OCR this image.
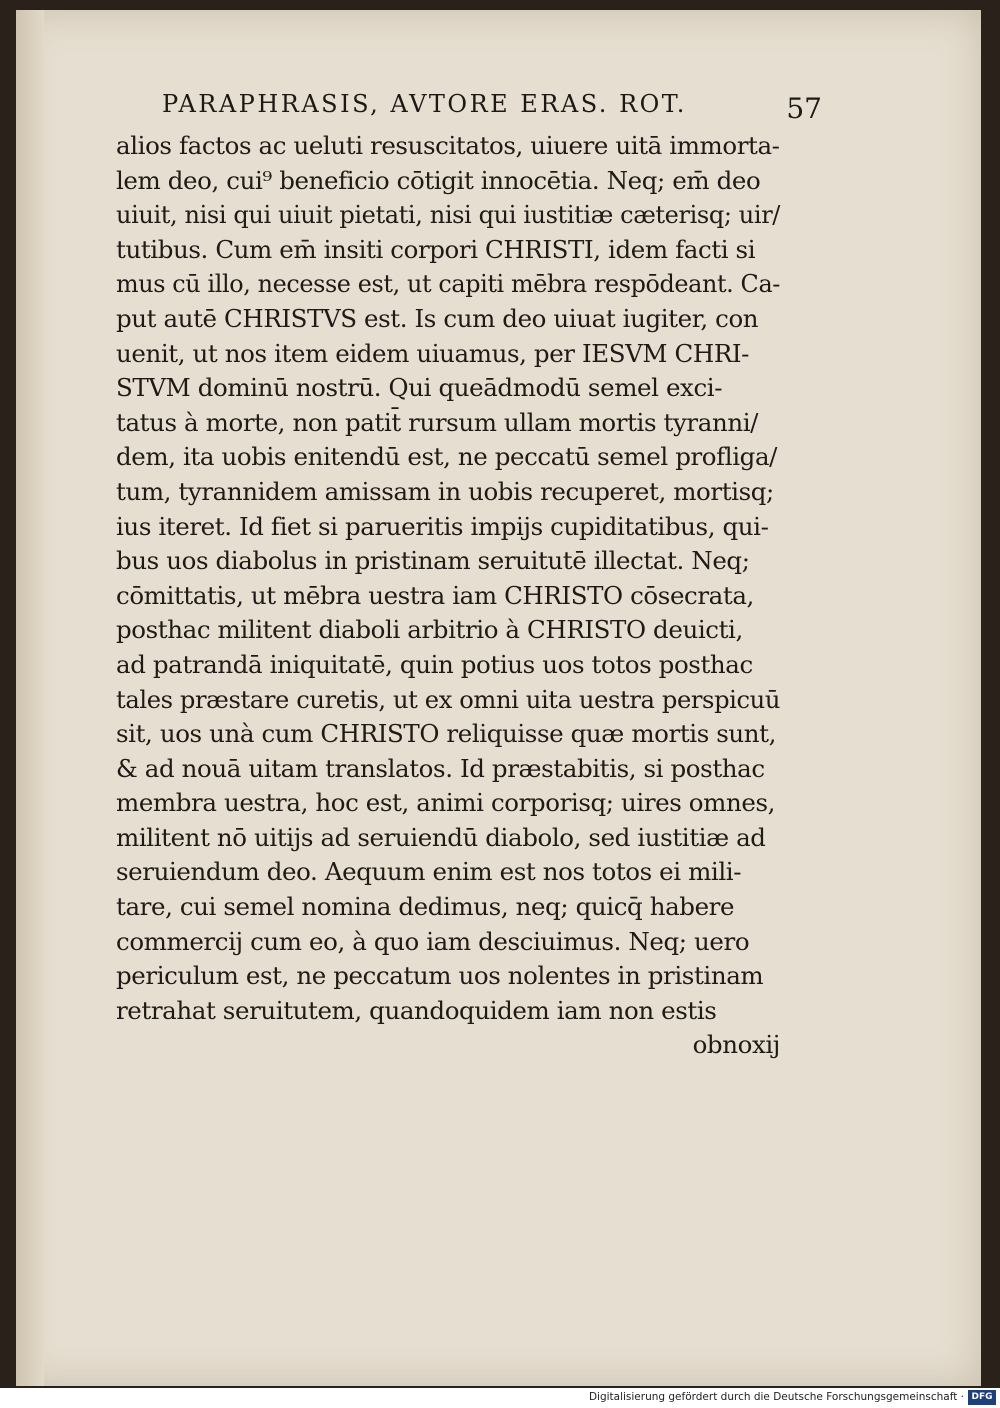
PARAPHRASIS, AVTORE ERAS. ROT.	57
alios factos ac ueluti resuscitatos, uiuere uitā immorta-
lem deo, cui⁹ beneficio cōtigit innocētia. Neq; em̄ deo
uiuit, nisi qui uiuit pietati, nisi qui iustitiæ cæterisq; uir/
tutibus. Cum em̄ insiti corpori CHRISTI, idem facti si
mus cū illo, necesse est, ut capiti mēbra respōdeant. Ca-
put autē CHRISTVS est. Is cum deo uiuat iugiter, con
uenit, ut nos item eidem uiuamus, per IESVM CHRI-
STVM dominū nostrū. Qui queādmodū semel exci-
tatus à morte, non patit̄ rursum ullam mortis tyranni/
dem, ita uobis enitendū est, ne peccatū semel profliga/
tum, tyrannidem amissam in uobis recuperet, mortisq;
ius iteret. Id fiet si parueritis impijs cupiditatibus, qui-
bus uos diabolus in pristinam seruitutē illectat. Neq;
cōmittatis, ut mēbra uestra iam CHRISTO cōsecrata,
posthac militent diaboli arbitrio à CHRISTO deuicti,
ad patrandā iniquitatē, quin potius uos totos posthac
tales præstare curetis, ut ex omni uita uestra perspicuū
sit, uos unà cum CHRISTO reliquisse quæ mortis sunt,
& ad nouā uitam translatos. Id præstabitis, si posthac
membra uestra, hoc est, animi corporisq; uires omnes,
militent nō uitijs ad seruiendū diabolo, sed iustitiæ ad
seruiendum deo. Aequum enim est nos totos ei mili-
tare, cui semel nomina dedimus, neq; quicq̄ habere
commercij cum eo, à quo iam desciuimus. Neq; uero
periculum est, ne peccatum uos nolentes in pristinam
retrahat seruitutem, quandoquidem iam non estis
obnoxij
Digitalisierung gefördert durch die Deutsche Forschungsgemeinschaft · DFG
